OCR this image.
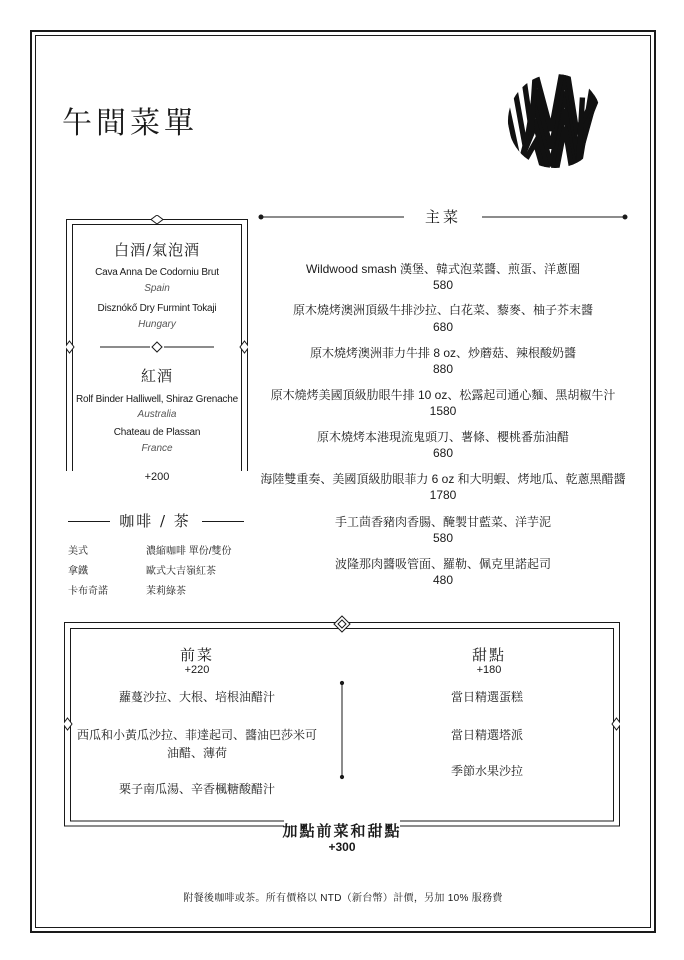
午間菜單
白酒/氣泡酒
Cava Anna De Codorniu Brut
Spain
Disznókő Dry Furmint Tokaji
Hungary
紅酒
Rolf Binder Halliwell, Shiraz Grenache
Australia
Chateau de Plassan
France
+200
咖啡 / 茶
美式	濃縮咖啡 單份/雙份
拿鐵	歐式大吉嶺紅茶
卡布奇諾	茉莉綠茶
主菜
Wildwood smash 漢堡、韓式泡菜醬、煎蛋、洋蔥圈
580
原木燒烤澳洲頂級牛排沙拉、白花菜、藜麥、柚子芥末醬
680
原木燒烤澳洲菲力牛排 8 oz、炒蘑菇、辣根酸奶醬
880
原木燒烤美國頂級肋眼牛排 10 oz、松露起司通心麵、黑胡椒牛汁
1580
原木燒烤本港現流鬼頭刀、薯條、櫻桃番茄油醋
680
海陸雙重奏、美國頂級肋眼菲力 6 oz 和大明蝦、烤地瓜、乾蔥黑醋醬
1780
手工茴香豬肉香腸、醃製甘藍菜、洋芋泥
580
波隆那肉醬吸管面、羅勒、佩克里諾起司
480
前菜
+220
蘿蔓沙拉、大根、培根油醋汁
西瓜和小黃瓜沙拉、菲達起司、醬油巴莎米可
油醋、薄荷
栗子南瓜湯、辛香楓糖酸醋汁
甜點
+180
當日精選蛋糕
當日精選塔派
季節水果沙拉
加點前菜和甜點
+300
附餐後咖啡或茶。所有價格以 NTD（新台幣）計價，另加 10% 服務費
